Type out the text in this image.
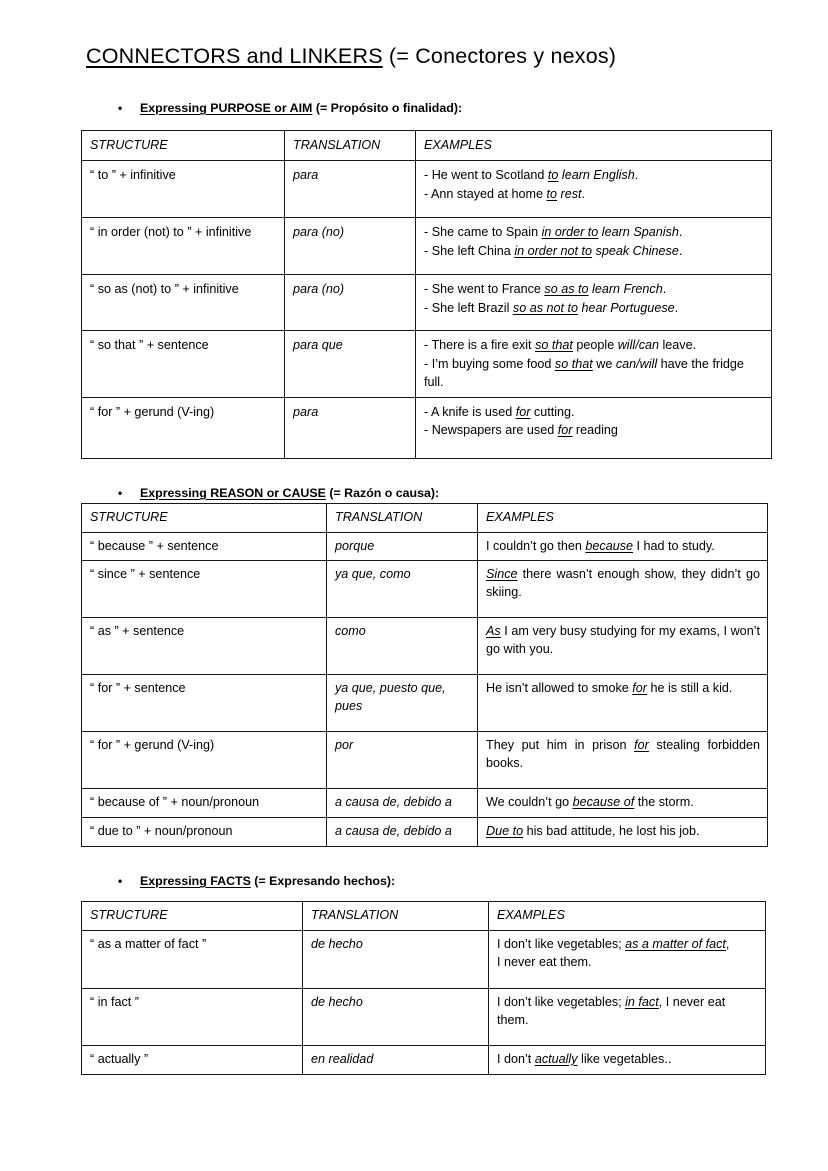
CONNECTORS and LINKERS (= Conectores y nexos)
• Expressing PURPOSE or AIM (= Propósito o finalidad):
STRUCTURE	TRANSLATION	EXAMPLES
“ to ” + infinitive	para	- He went to Scotland to learn English.
- Ann stayed at home to rest.

“ in order (not) to ” + infinitive	para (no)	- She came to Spain in order to learn Spanish.
- She left China in order not to speak Chinese.

“ so as (not) to ” + infinitive	para (no)	- She went to France so as to learn French.
- She left Brazil so as not to hear Portuguese.

“ so that ” + sentence	para que	- There is a fire exit so that people will/can leave.
- I’m buying some food so that we can/will have the fridge full.

“ for ” + gerund (V-ing)	para	- A knife is used for cutting.
- Newspapers are used for reading
• Expressing REASON or CAUSE (= Razón o causa):
STRUCTURE	TRANSLATION	EXAMPLES
“ because ” + sentence	porque	I couldn’t go then because I had to study.

“ since ” + sentence	ya que, como	Since there wasn’t enough show, they didn’t go skiing.

“ as ” + sentence	como	As I am very busy studying for my exams, I won’t go with you.

“ for ” + sentence	ya que, puesto que, pues	He isn’t allowed to smoke for he is still a kid.

“ for ” + gerund (V-ing)	por	They put him in prison for stealing forbidden books.

“ because of ” + noun/pronoun	a causa de, debido a	We couldn’t go because of the storm.

“ due to ” + noun/pronoun	a causa de, debido a	Due to his bad attitude, he lost his job.
• Expressing FACTS (= Expresando hechos):
STRUCTURE	TRANSLATION	EXAMPLES
“ as a matter of fact ”	de hecho	I don’t like vegetables; as a matter of fact,
I never eat them.

“ in fact ”	de hecho	I don’t like vegetables; in fact, I never eat them.

“ actually ”	en realidad	I don’t actually like vegetables..
